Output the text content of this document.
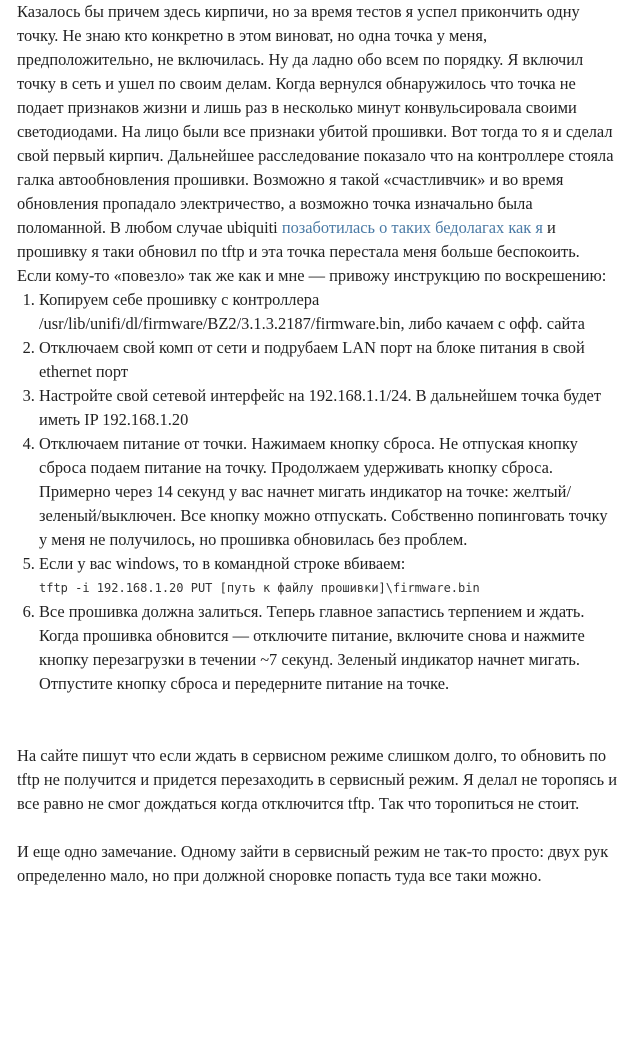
Казалось бы причем здесь кирпичи, но за время тестов я успел прикончить одну точку. Не знаю кто конкретно в этом виноват, но одна точка у меня, предположительно, не включилась. Ну да ладно обо всем по порядку. Я включил точку в сеть и ушел по своим делам. Когда вернулся обнаружилось что точка не подает признаков жизни и лишь раз в несколько минут конвульсировала своими светодиодами. На лицо были все признаки убитой прошивки. Вот тогда то я и сделал свой первый кирпич. Дальнейшее расследование показало что на контроллере стояла галка автообновления прошивки. Возможно я такой «счастливчик» и во время обновления пропадало электричество, а возможно точка изначально была поломанной. В любом случае ubiquiti позаботилась о таких бедолагах как я и прошивку я таки обновил по tftp и эта точка перестала меня больше беспокоить. Если кому-то «повезло» так же как и мне — привожу инструкцию по воскрешению:

1. Копируем себе прошивку с контроллера /usr/lib/unifi/dl/firmware/BZ2/3.1.3.2187/firmware.bin, либо качаем с офф. сайта
2. Отключаем свой комп от сети и подрубаем LAN порт на блоке питания в свой ethernet порт
3. Настройте свой сетевой интерфейс на 192.168.1.1/24. В дальнейшем точка будет иметь IP 192.168.1.20
4. Отключаем питание от точки. Нажимаем кнопку сброса. Не отпуская кнопку сброса подаем питание на точку. Продолжаем удерживать кнопку сброса. Примерно через 14 секунд у вас начнет мигать индикатор на точке: желтый/зеленый/выключен. Все кнопку можно отпускать. Собственно попинговать точку у меня не получилось, но прошивка обновилась без проблем.
5. Если у вас windows, то в командной строке вбиваем:
tftp -i 192.168.1.20 PUT [путь к файлу прошивки]\firmware.bin
6. Все прошивка должна залиться. Теперь главное запастись терпением и ждать. Когда прошивка обновится — отключите питание, включите снова и нажмите кнопку перезагрузки в течении ~7 секунд. Зеленый индикатор начнет мигать. Отпустите кнопку сброса и передерните питание на точке.

На сайте пишут что если ждать в сервисном режиме слишком долго, то обновить по tftp не получится и придется перезаходить в сервисный режим. Я делал не торопясь и все равно не смог дождаться когда отключится tftp. Так что торопиться не стоит.

И еще одно замечание. Одному зайти в сервисный режим не так-то просто: двух рук определенно мало, но при должной сноровке попасть туда все таки можно.
